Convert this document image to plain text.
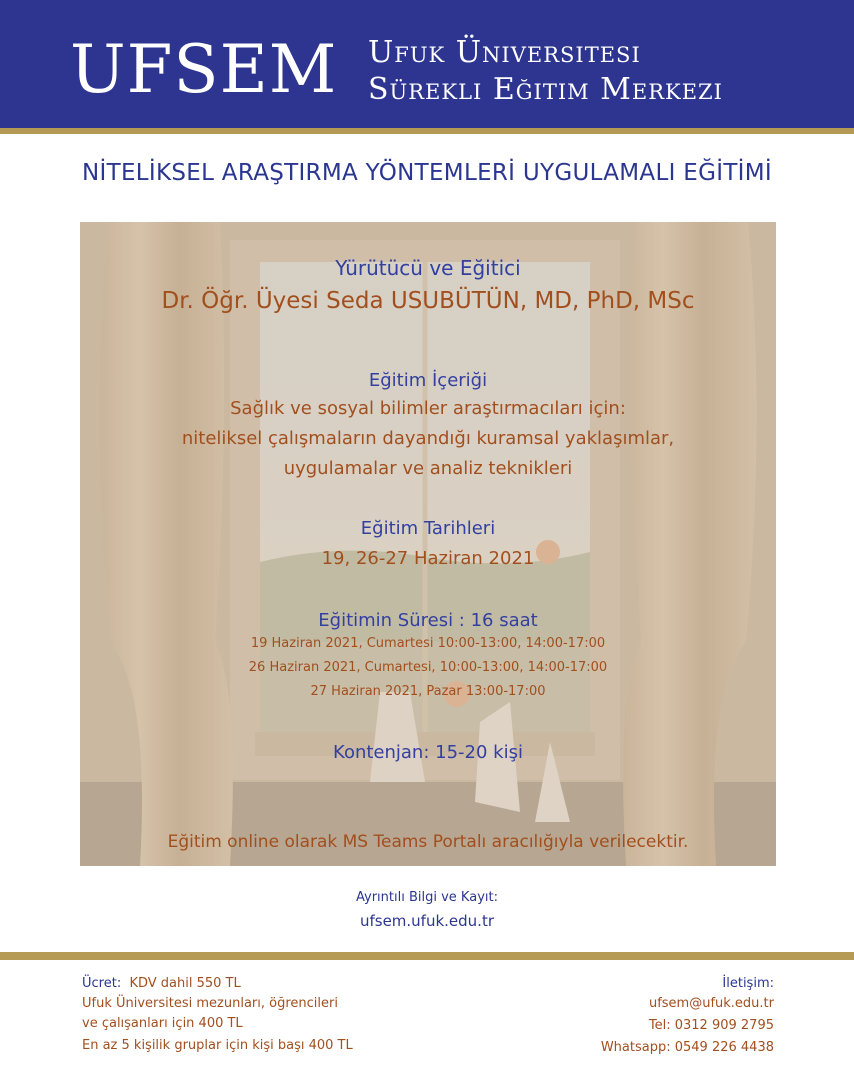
UFSEM Ufuk Üniversitesi
Sürekli Eğitim Merkezi
NİTELİKSEL ARAŞTIRMA YÖNTEMLERİ UYGULAMALI EĞİTİMİ
Yürütücü ve Eğitici
Dr. Öğr. Üyesi Seda USUBÜTÜN, MD, PhD, MSc
Eğitim İçeriği
Sağlık ve sosyal bilimler araştırmacıları için:
niteliksel çalışmaların dayandığı kuramsal yaklaşımlar,
uygulamalar ve analiz teknikleri
Eğitim Tarihleri
19, 26-27 Haziran 2021
Eğitimin Süresi : 16 saat
19 Haziran 2021, Cumartesi 10:00-13:00, 14:00-17:00
26 Haziran 2021, Cumartesi, 10:00-13:00, 14:00-17:00
27 Haziran 2021, Pazar 13:00-17:00
Kontenjan: 15-20 kişi
Eğitim online olarak MS Teams Portalı aracılığıyla verilecektir.
Ayrıntılı Bilgi ve Kayıt:
ufsem.ufuk.edu.tr
Ücret: KDV dahil 550 TL
Ufuk Üniversitesi mezunları, öğrencileri
ve çalışanları için 400 TL
En az 5 kişilik gruplar için kişi başı 400 TL
İletişim:
ufsem@ufuk.edu.tr
Tel: 0312 909 2795
Whatsapp: 0549 226 4438
